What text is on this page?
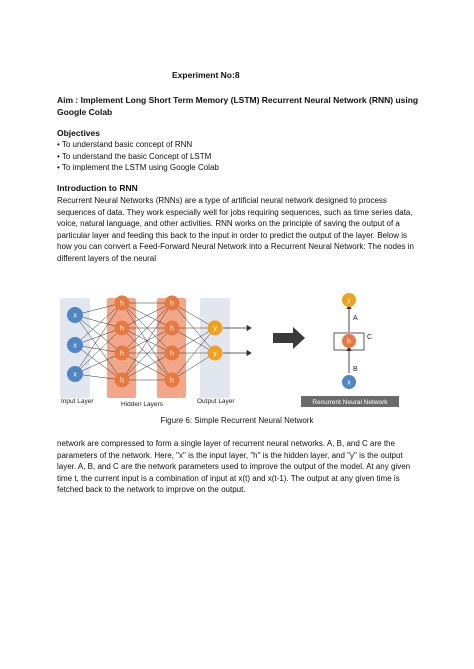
Experiment No:8
Aim : Implement Long Short Term Memory (LSTM) Recurrent Neural Network (RNN) using Google Colab
Objectives
• To understand basic concept of RNN
• To understand the basic Concept of LSTM
• To implement the LSTM using Google Colab
Introduction to RNN
Recurrent Neural Networks (RNNs) are a type of artificial neural network designed to process sequences of data. They work especially well for jobs requiring sequences, such as time series data, voice, natural language, and other activities. RNN works on the principle of saving the output of a particular layer and feeding this back to the input in order to predict the output of the layer. Below is how you can convert a Feed-Forward Neural Network into a Recurrent Neural Network: The nodes in different layers of the neural
x
x
x
h
h
h
h
h
h
h
h
y
y
Input Layer	Hidden Layers	Output Layer
y
h
x
A
C
B
Recurrent Neural Network
Figure 6: Simple Recurrent Neural Network
network are compressed to form a single layer of recurrent neural networks. A, B, and C are the parameters of the network. Here, "x" is the input layer, "h" is the hidden layer, and "y" is the output layer. A, B, and C are the network parameters used to improve the output of the model. At any given time t, the current input is a combination of input at x(t) and x(t-1). The output at any given time is fetched back to the network to improve on the output.
